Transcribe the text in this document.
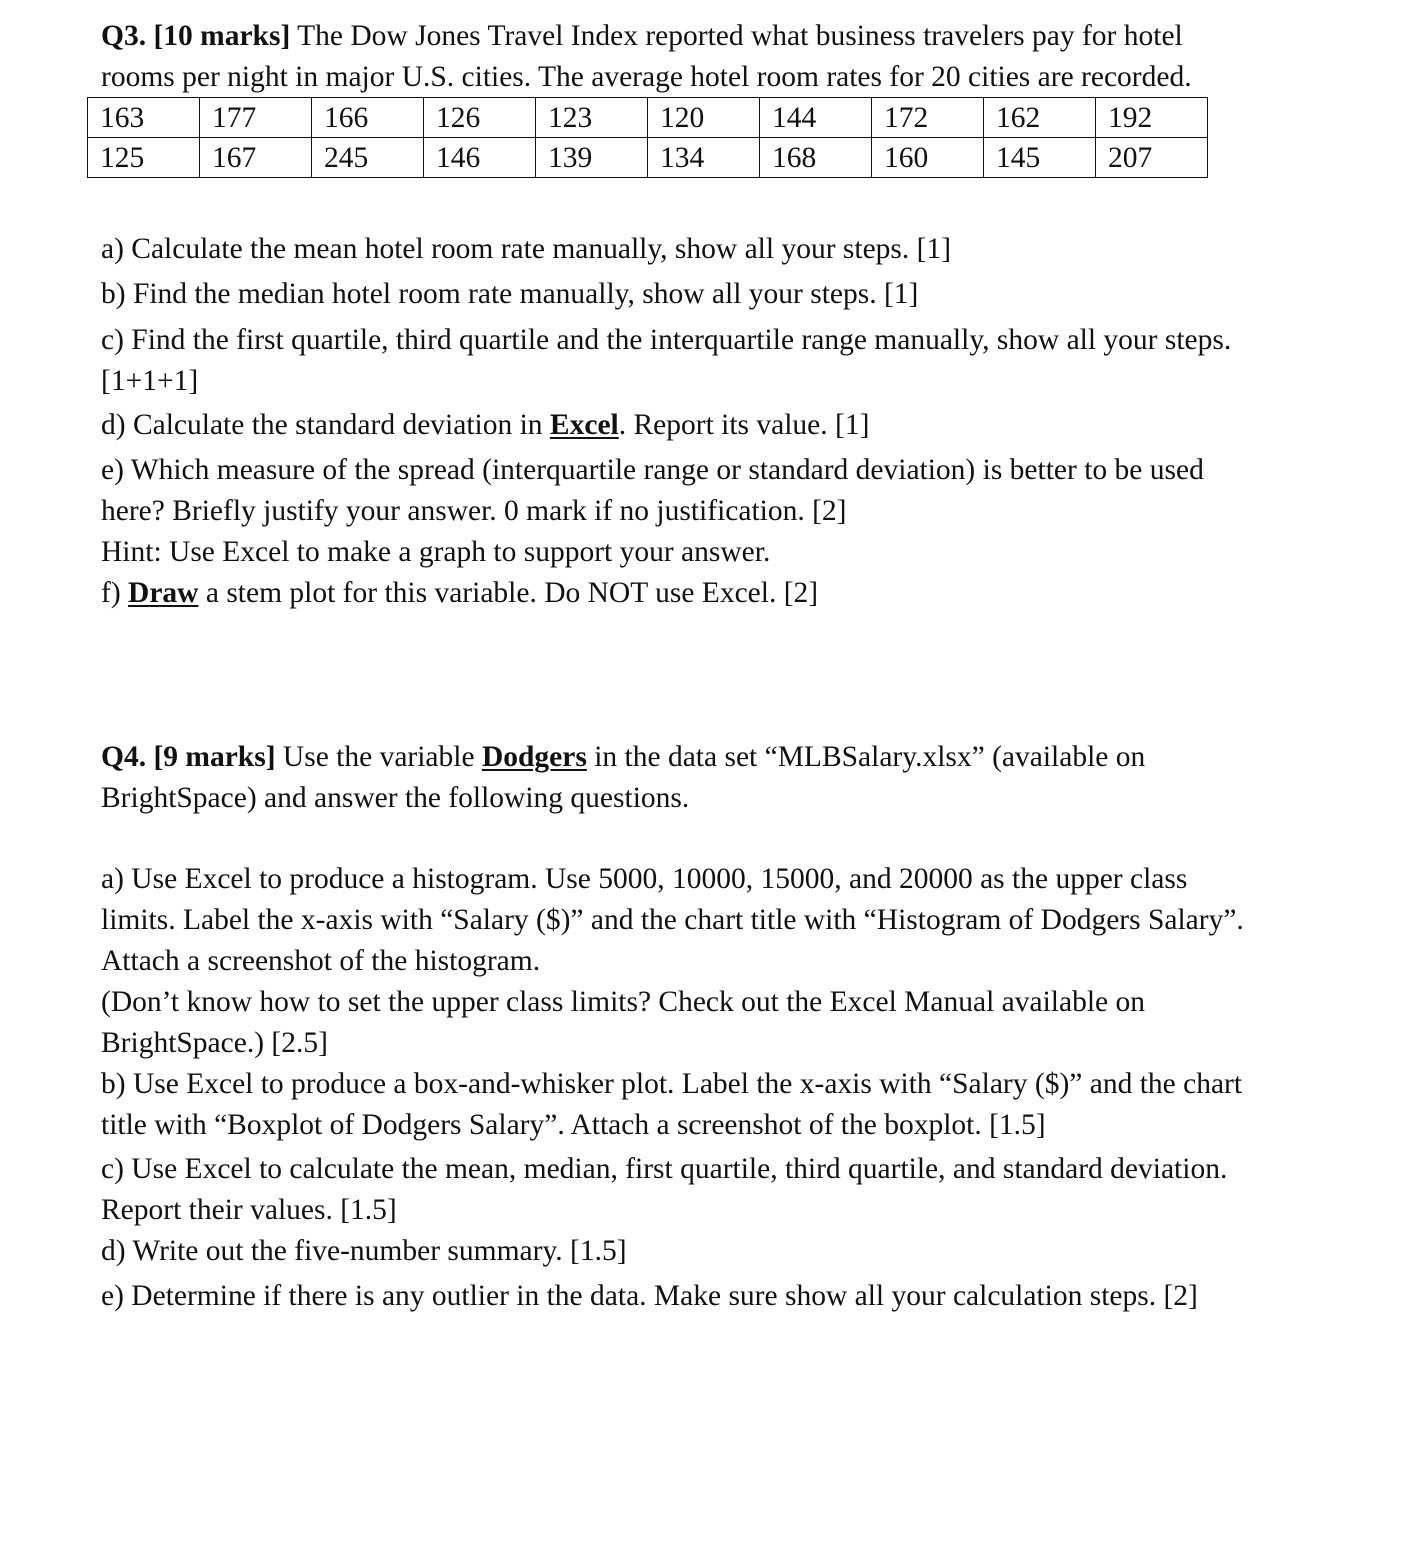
Q3. [10 marks] The Dow Jones Travel Index reported what business travelers pay for hotel

rooms per night in major U.S. cities. The average hotel room rates for 20 cities are recorded.

163	177	166	126	123	120	144	172	162	192
125	167	245	146	139	134	168	160	145	207

a) Calculate the mean hotel room rate manually, show all your steps. [1]

b) Find the median hotel room rate manually, show all your steps. [1]

c) Find the first quartile, third quartile and the interquartile range manually, show all your steps.

[1+1+1]

d) Calculate the standard deviation in Excel. Report its value. [1]

e) Which measure of the spread (interquartile range or standard deviation) is better to be used

here? Briefly justify your answer. 0 mark if no justification. [2]

Hint: Use Excel to make a graph to support your answer.

f) Draw a stem plot for this variable. Do NOT use Excel. [2]

Q4. [9 marks] Use the variable Dodgers in the data set “MLBSalary.xlsx” (available on

BrightSpace) and answer the following questions.

a) Use Excel to produce a histogram. Use 5000, 10000, 15000, and 20000 as the upper class

limits. Label the x-axis with “Salary ($)” and the chart title with “Histogram of Dodgers Salary”.

Attach a screenshot of the histogram.

(Don’t know how to set the upper class limits? Check out the Excel Manual available on

BrightSpace.) [2.5]

b) Use Excel to produce a box-and-whisker plot. Label the x-axis with “Salary ($)” and the chart

title with “Boxplot of Dodgers Salary”. Attach a screenshot of the boxplot. [1.5]

c) Use Excel to calculate the mean, median, first quartile, third quartile, and standard deviation.

Report their values. [1.5]

d) Write out the five-number summary. [1.5]

e) Determine if there is any outlier in the data. Make sure show all your calculation steps. [2]
